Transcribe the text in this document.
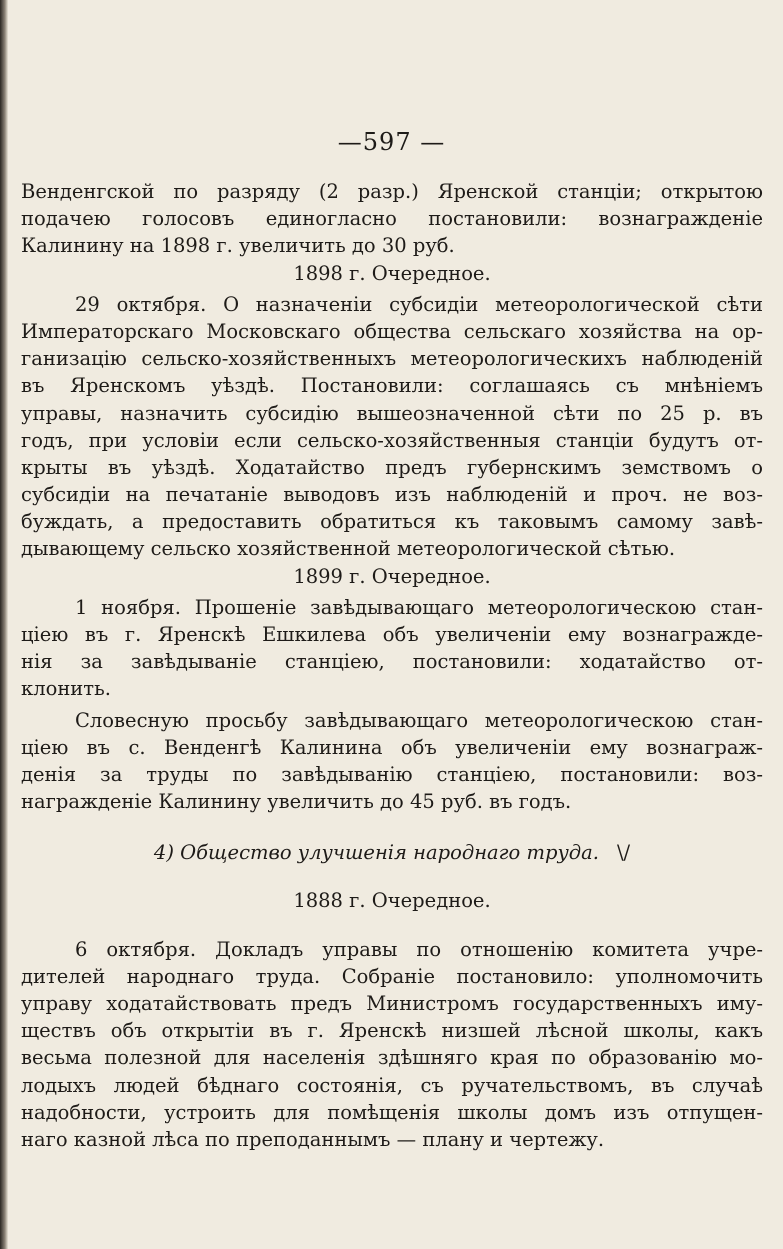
—597 —
Венденгской по разряду (2 разр.) Яренской станціи; открытою
подачею голосовъ единогласно постановили: вознагражденіе
Калинину на 1898 г. увеличить до 30 руб.
1898 г. Очередное.
29 октября. О назначеніи субсидіи метеорологической сѣти
Императорскаго Московскаго общества сельскаго хозяйства на ор-
ганизацію сельско-хозяйственныхъ метеорологическихъ наблюденій
въ Яренскомъ уѣздѣ. Постановили: соглашаясь съ мнѣніемъ
управы, назначить субсидію вышеозначенной сѣти по 25 р. въ
годъ, при условіи если сельско-хозяйственныя станціи будутъ от-
крыты въ уѣздѣ. Ходатайство предъ губернскимъ земствомъ о
субсидіи на печатаніе выводовъ изъ наблюденій и проч. не воз-
буждать, а предоставить обратиться къ таковымъ самому завѣ-
дывающему сельско хозяйственной метеорологической сѣтью.
1899 г. Очередное.
1 ноября. Прошеніе завѣдывающаго метеорологическою стан-
ціею въ г. Яренскѣ Ешкилева объ увеличеніи ему вознагражде-
нія за завѣдываніе станціею, постановили: ходатайство от-
клонить.
Словесную просьбу завѣдывающаго метеорологическою стан-
ціею въ с. Венденгѣ Калинина объ увеличеніи ему вознаграж-
денія за труды по завѣдыванію станціею, постановили: воз-
награжденіе Калинину увеличить до 45 руб. въ годъ.
4) Общество улучшенія народнаго труда. \/
1888 г. Очередное.
6 октября. Докладъ управы по отношенію комитета учре-
дителей народнаго труда. Собраніе постановило: уполномочить
управу ходатайствовать предъ Министромъ государственныхъ иму-
ществъ объ открытіи въ г. Яренскѣ низшей лѣсной школы, какъ
весьма полезной для населенія здѣшняго края по образованію мо-
лодыхъ людей бѣднаго состоянія, съ ручательствомъ, въ случаѣ
надобности, устроить для помѣщенія школы домъ изъ отпущен-
наго казной лѣса по преподаннымъ — плану и чертежу.
